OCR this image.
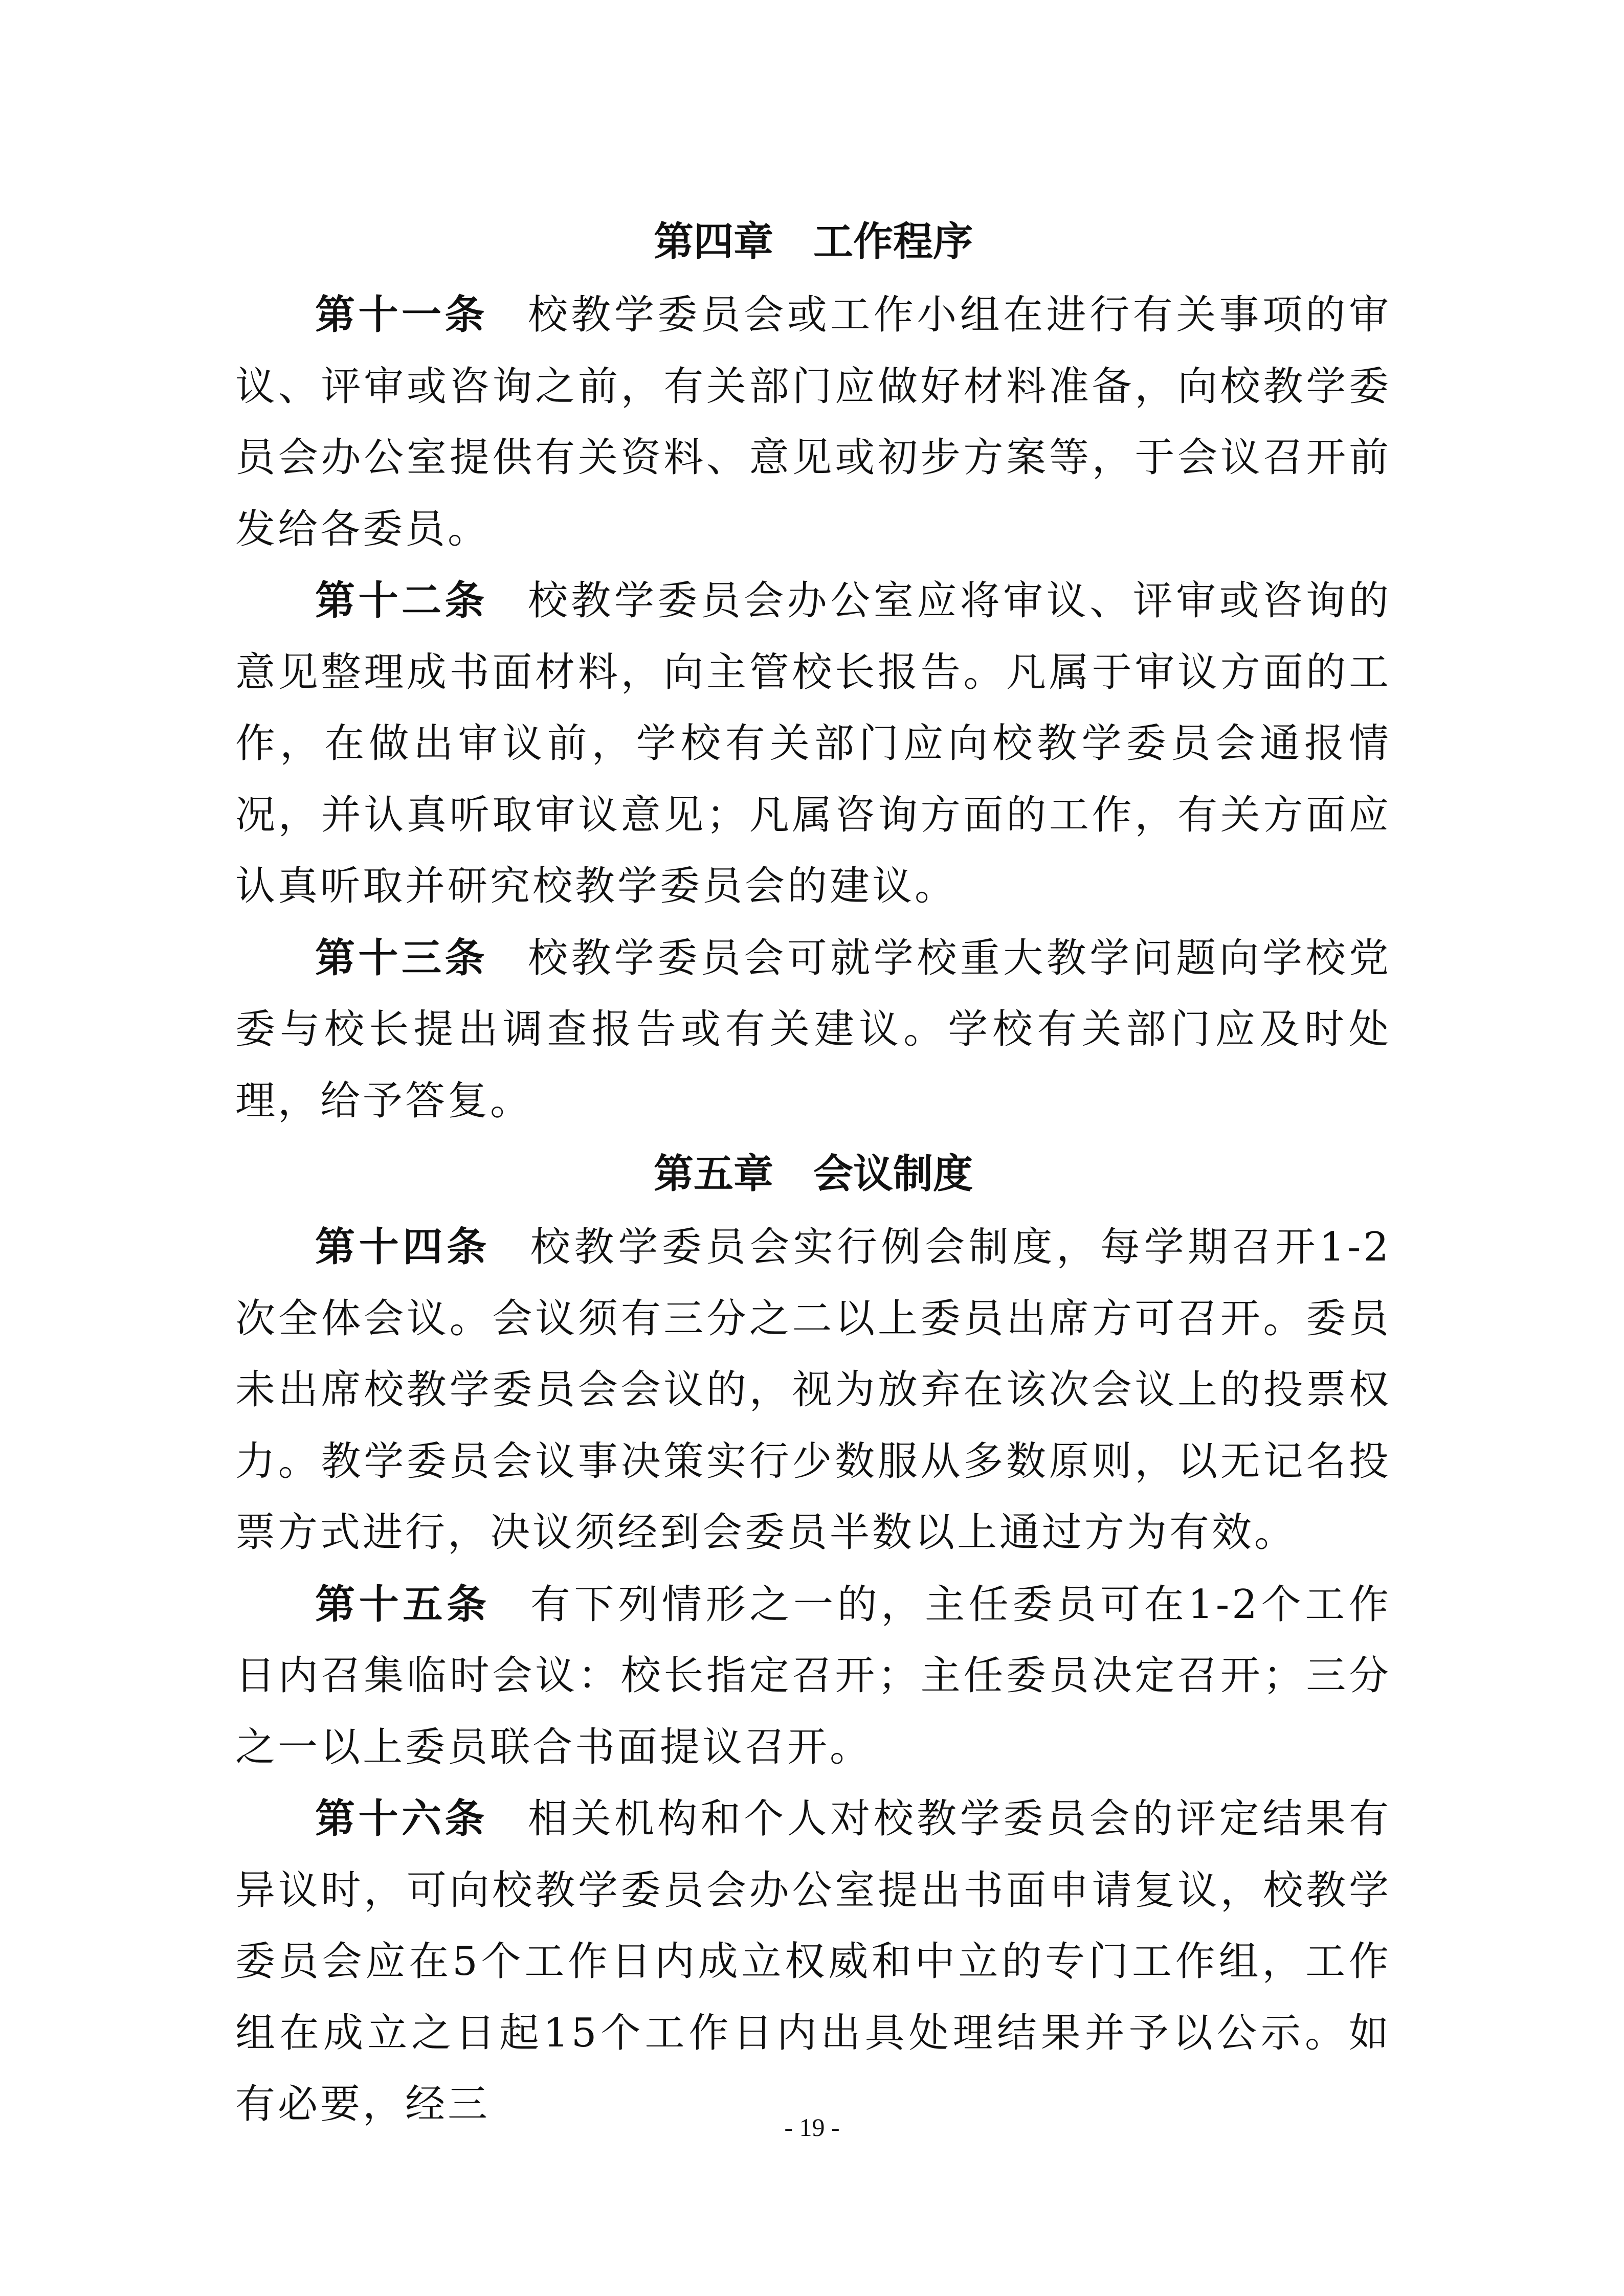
第四章　工作程序

第十一条 校教学委员会或工作小组在进行有关事项的审议、评审或咨询之前，有关部门应做好材料准备，向校教学委员会办公室提供有关资料、意见或初步方案等，于会议召开前发给各委员。

第十二条 校教学委员会办公室应将审议、评审或咨询的意见整理成书面材料，向主管校长报告。凡属于审议方面的工作，在做出审议前，学校有关部门应向校教学委员会通报情况，并认真听取审议意见；凡属咨询方面的工作，有关方面应认真听取并研究校教学委员会的建议。

第十三条 校教学委员会可就学校重大教学问题向学校党委与校长提出调查报告或有关建议。学校有关部门应及时处理，给予答复。

第五章　会议制度

第十四条 校教学委员会实行例会制度，每学期召开1-2次全体会议。会议须有三分之二以上委员出席方可召开。委员未出席校教学委员会会议的，视为放弃在该次会议上的投票权力。教学委员会议事决策实行少数服从多数原则，以无记名投票方式进行，决议须经到会委员半数以上通过方为有效。

第十五条 有下列情形之一的，主任委员可在1-2个工作日内召集临时会议：校长指定召开；主任委员决定召开；三分之一以上委员联合书面提议召开。

第十六条 相关机构和个人对校教学委员会的评定结果有异议时，可向校教学委员会办公室提出书面申请复议，校教学委员会应在5个工作日内成立权威和中立的专门工作组，工作组在成立之日起15个工作日内出具处理结果并予以公示。如有必要，经三	- 19 -
